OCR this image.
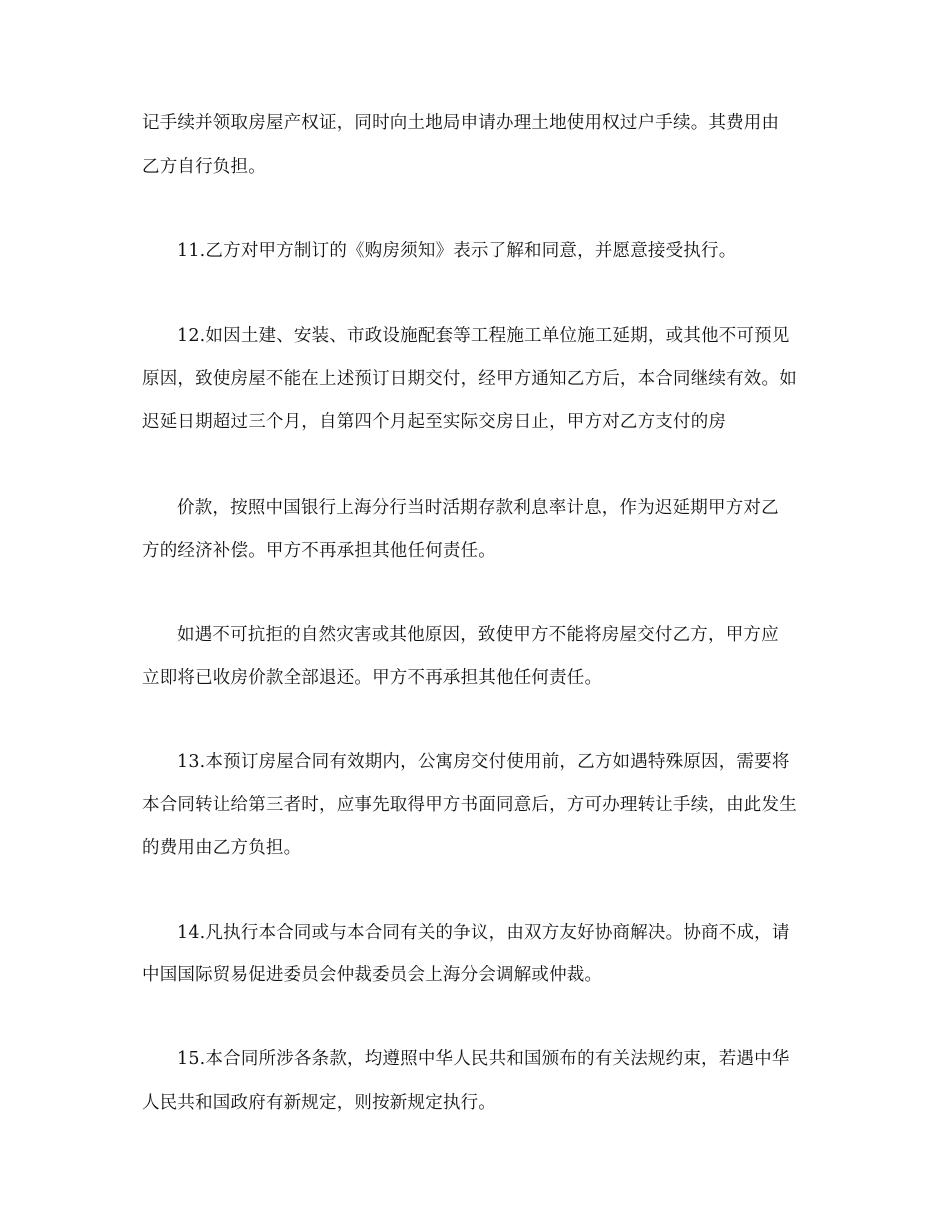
记手续并领取房屋产权证，同时向土地局申请办理土地使用权过户手续。其费用由
乙方自行负担。
11.乙方对甲方制订的《购房须知》表示了解和同意，并愿意接受执行。
12.如因土建、安装、市政设施配套等工程施工单位施工延期，或其他不可预见
原因，致使房屋不能在上述预订日期交付，经甲方通知乙方后，本合同继续有效。如
迟延日期超过三个月，自第四个月起至实际交房日止，甲方对乙方支付的房
价款，按照中国银行上海分行当时活期存款利息率计息，作为迟延期甲方对乙
方的经济补偿。甲方不再承担其他任何责任。
如遇不可抗拒的自然灾害或其他原因，致使甲方不能将房屋交付乙方，甲方应
立即将已收房价款全部退还。甲方不再承担其他任何责任。
13.本预订房屋合同有效期内，公寓房交付使用前，乙方如遇特殊原因，需要将
本合同转让给第三者时，应事先取得甲方书面同意后，方可办理转让手续，由此发生
的费用由乙方负担。
14.凡执行本合同或与本合同有关的争议，由双方友好协商解决。协商不成，请
中国国际贸易促进委员会仲裁委员会上海分会调解或仲裁。
15.本合同所涉各条款，均遵照中华人民共和国颁布的有关法规约束，若遇中华
人民共和国政府有新规定，则按新规定执行。
